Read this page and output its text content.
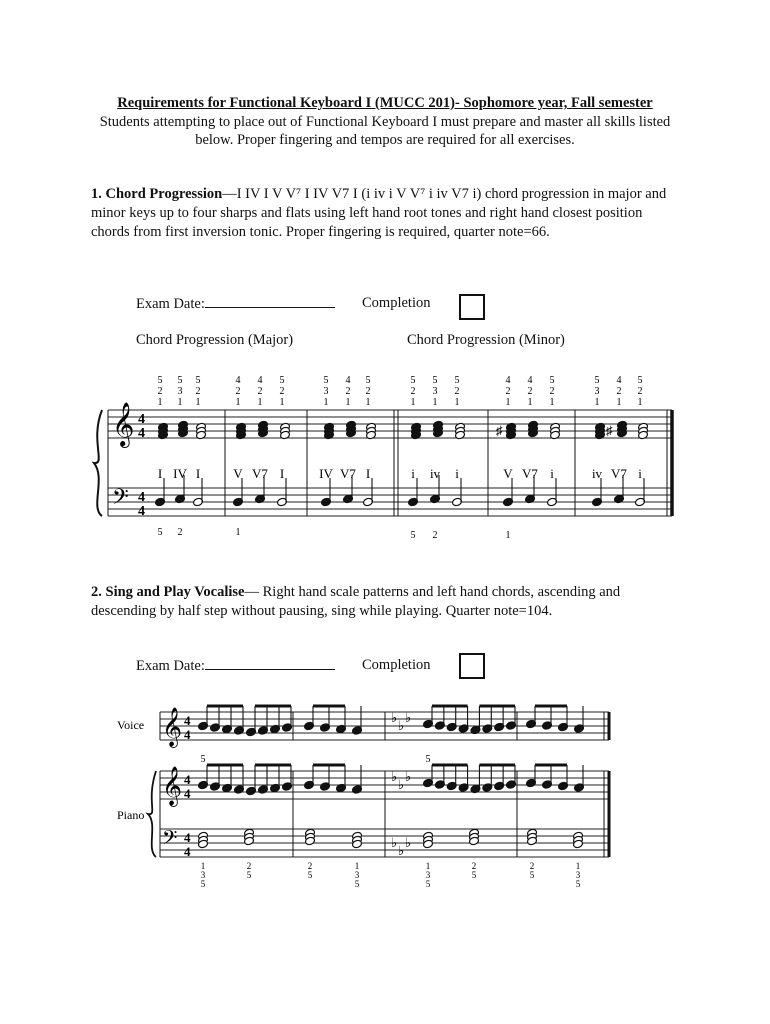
Requirements for Functional Keyboard I (MUCC 201)- Sophomore year, Fall semester
Students attempting to place out of Functional Keyboard I must prepare and master all skills listed below. Proper fingering and tempos are required for all exercises.
1. Chord Progression—I IV I V V⁷ I IV V7 I (i iv i V V⁷ i iv V7 i) chord progression in major and minor keys up to four sharps and flats using left hand root tones and right hand closest position chords from first inversion tonic. Proper fingering is required, quarter note=66.
Exam Date:	Completion
Chord Progression (Major)	Chord Progression (Minor)
𝄞
𝄢
4
4
4
4
5
2
1
I
5
3
1
IV
5
2
1
I
4
2
1
V
4
2
1
V7
5
2
1
I
5
3
1
IV
4
2
1
V7
5
2
1
I
5
2
1
i
5
3
1
iv
5
2
1
i
4
2
1
V
4
2
1
V7
5
2
1
i
5
3
1
iv
4
2
1
V7
5
2
1
i
♯	♯
5 2	1	5 2	1
2. Sing and Play Vocalise— Right hand scale patterns and left hand chords, ascending and descending by half step without pausing, sing while playing. Quarter note=104.
Exam Date:	Completion
Voice
Piano
𝄞
𝄞
𝄢
4
4
4
4
4
4
♭
♭
♭
♭
♭
♭
♭
♭
♭
5	5
1
3
5
2
5
2
5
1
3
5
1
3
5
2
5
2
5
1
3
5
